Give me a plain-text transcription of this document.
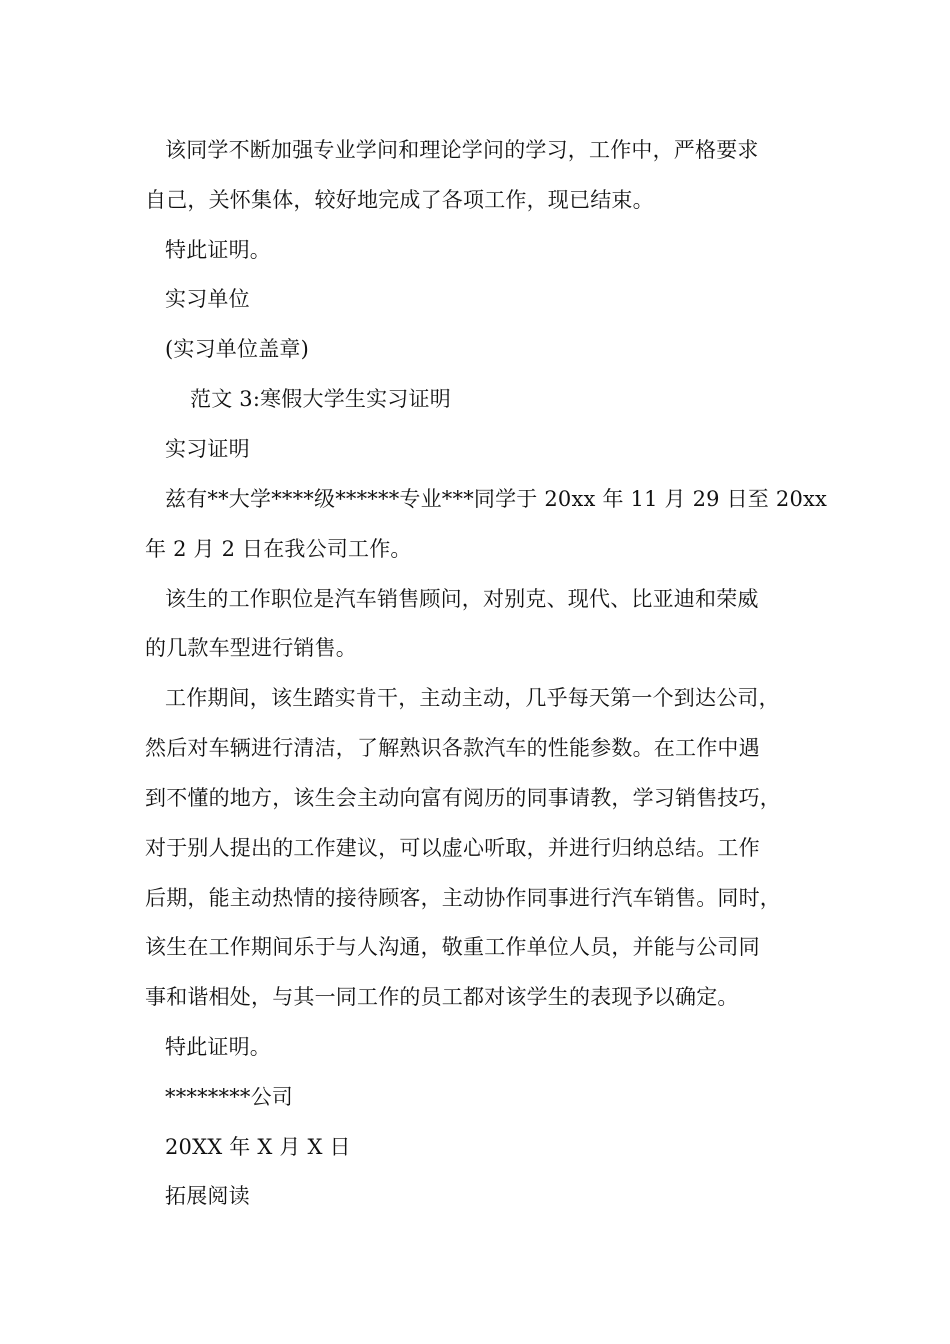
该同学不断加强专业学问和理论学问的学习，工作中，严格要求
自己，关怀集体，较好地完成了各项工作，现已结束。
特此证明。
实习单位
(实习单位盖章)
范文 3:寒假大学生实习证明
实习证明
兹有**大学****级******专业***同学于 20xx 年 11 月 29 日至 20xx
年 2 月 2 日在我公司工作。
该生的工作职位是汽车销售顾问，对别克、现代、比亚迪和荣威
的几款车型进行销售。
工作期间，该生踏实肯干，主动主动，几乎每天第一个到达公司，
然后对车辆进行清洁，了解熟识各款汽车的性能参数。在工作中遇
到不懂的地方，该生会主动向富有阅历的同事请教，学习销售技巧，
对于别人提出的工作建议，可以虚心听取，并进行归纳总结。工作
后期，能主动热情的接待顾客，主动协作同事进行汽车销售。同时，
该生在工作期间乐于与人沟通，敬重工作单位人员，并能与公司同
事和谐相处，与其一同工作的员工都对该学生的表现予以确定。
特此证明。
********公司
20XX 年 X 月 X 日
拓展阅读
